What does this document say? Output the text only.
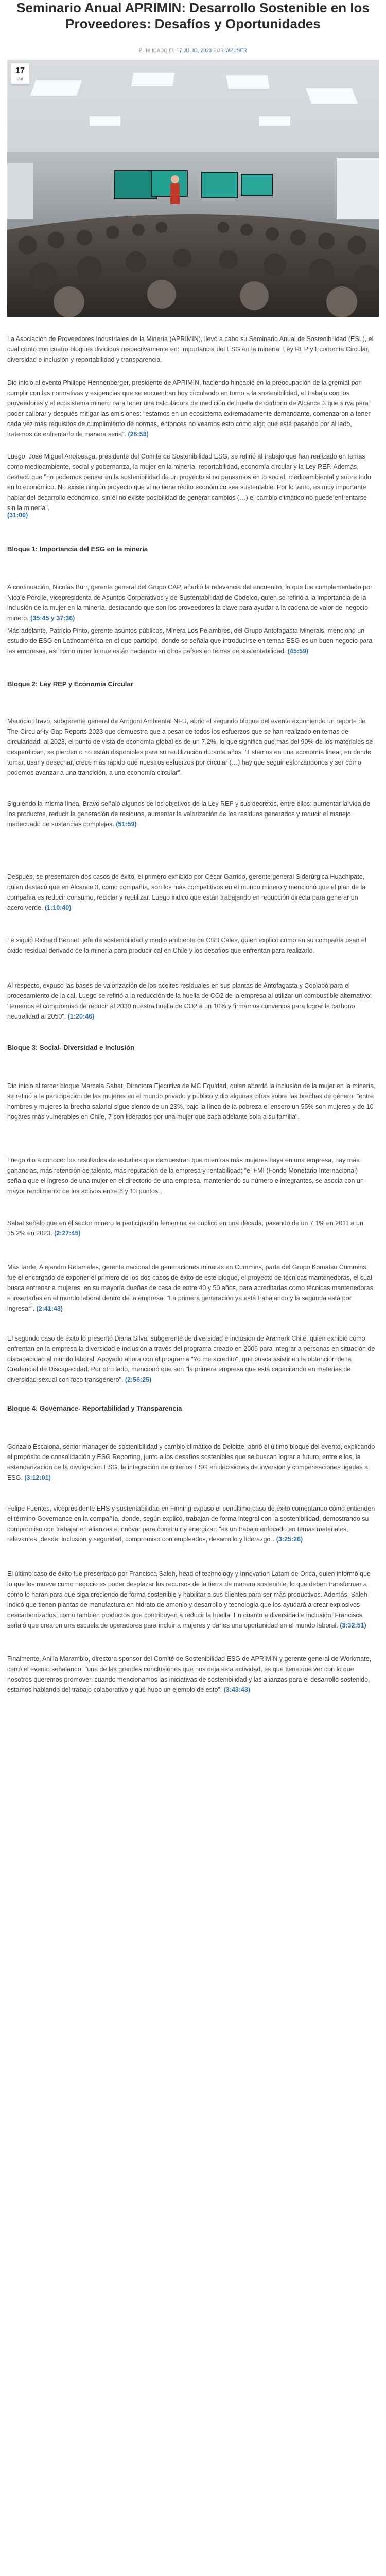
Seminario Anual APRIMIN: Desarrollo Sostenible en los Proveedores: Desafíos y Oportunidades
PUBLICADO EL 17 JULIO, 2023 POR WPUSER
17
Jul

La Asociación de Proveedores Industriales de la Minería (APRIMIN), llevó a cabo su Seminario Anual de Sostenibilidad (ESL), el cual contó con cuatro bloques divididos respectivamente en: Importancia del ESG en la minería, Ley REP y Economía Circular, diversidad e inclusión y reportabilidad y transparencia.

Dio inicio al evento Philippe Hennenberger, presidente de APRIMIN, haciendo hincapié en la preocupación de la gremial por cumplir con las normativas y exigencias que se encuentran hoy circulando en torno a la sostenibilidad, el trabajo con los proveedores y el ecosistema minero para tener una calculadora de medición de huella de carbono de Alcance 3 que sirva para poder calibrar y después mitigar las emisiones: "estamos en un ecosistema extremadamente demandante, comenzaron a tener cada vez más requisitos de cumplimiento de normas, entonces no veamos esto como algo que está pasando por al lado, tratemos de enfrentarlo de manera seria". (26:53)

Luego, José Miguel Anoibeaga, presidente del Comité de Sostenibilidad ESG, se refirió al trabajo que han realizado en temas como medioambiente, social y gobernanza, la mujer en la minería, reportabilidad, economía circular y la Ley REP. Además, destacó que "no podemos pensar en la sostenibilidad de un proyecto si no pensamos en lo social, medioambiental y sobre todo en lo económico. No existe ningún proyecto que vi no tiene rédito económico sea sustentable. Por lo tanto, es muy importante hablar del desarrollo económico, sin él no existe posibilidad de generar cambios (…) el cambio climático no puede enfrentarse sin la minería".

(31:00)

Bloque 1: Importancia del ESG en la minería

A continuación, Nicolás Burr, gerente general del Grupo CAP, añadió la relevancia del encuentro, lo que fue complementado por Nicole Porcile, vicepresidenta de Asuntos Corporativos y de Sustentabilidad de Codelco, quien se refirió a la importancia de la inclusión de la mujer en la minería, destacando que son los proveedores la clave para ayudar a la cadena de valor del negocio minero. (35:45 y 37:36)

Más adelante, Patricio Pinto, gerente asuntos públicos, Minera Los Pelambres, del Grupo Antofagasta Minerals, mencionó un estudio de ESG en Latinoamérica en el que participó, donde se señala que introducirse en temas ESG es un buen negocio para las empresas, así como mirar lo que están haciendo en otros países en temas de sustentabilidad. (45:59)

Bloque 2: Ley REP y Economía Circular

Mauricio Bravo, subgerente general de Arrigoni Ambiental NFU, abrió el segundo bloque del evento exponiendo un reporte de The Circularity Gap Reports 2023 que demuestra que a pesar de todos los esfuerzos que se han realizado en temas de circularidad, al 2023, el punto de vista de economía global es de un 7,2%, lo que significa que más del 90% de los materiales se desperdician, se pierden o no están disponibles para su reutilización durante años. "Estamos en una economía lineal, en donde tomar, usar y desechar, crece más rápido que nuestros esfuerzos por circular (…) hay que seguir esforzándonos y ser cómo podemos avanzar a una transición, a una economía circular".

Siguiendo la misma línea, Bravo señaló algunos de los objetivos de la Ley REP y sus decretos, entre ellos: aumentar la vida de los productos, reducir la generación de residuos, aumentar la valorización de los residuos generados y reducir el manejo inadecuado de sustancias complejas. (51:59)

Después, se presentaron dos casos de éxito, el primero exhibido por César Garrido, gerente general Siderúrgica Huachipato, quien destacó que en Alcance 3, como compañía, son los más competitivos en el mundo minero y mencionó que el plan de la compañía es reducir consumo, reciclar y reutilizar. Luego indicó que están trabajando en reducción directa para generar un acero verde. (1:10:40)

Le siguió Richard Bennet, jefe de sostenibilidad y medio ambiente de CBB Cales, quien explicó cómo en su compañía usan el óxido residual derivado de la minería para producir cal en Chile y los desafíos que enfrentan para realizarlo.

Al respecto, expuso las bases de valorización de los aceites residuales en sus plantas de Antofagasta y Copiapó para el procesamiento de la cal. Luego se refirió a la reducción de la huella de CO2 de la empresa al utilizar un combustible alternativo: "tenemos el compromiso de reducir al 2030 nuestra huella de CO2 a un 10% y firmamos convenios para lograr la carbono neutralidad al 2050". (1:20:46)

Bloque 3: Social- Diversidad e Inclusión

Dio inicio al tercer bloque Marcela Sabat, Directora Ejecutiva de MC Equidad, quien abordó la inclusión de la mujer en la minería, se refirió a la participación de las mujeres en el mundo privado y público y dio algunas cifras sobre las brechas de género: "entre hombres y mujeres la brecha salarial sigue siendo de un 23%, bajo la línea de la pobreza el ensero un 55% son mujeres y de 10 hogares más vulnerables en Chile, 7 son liderados por una mujer que saca adelante sola a su familia".

Luego dio a conocer los resultados de estudios que demuestran que mientras más mujeres haya en una empresa, hay más ganancias, más retención de talento, más reputación de la empresa y rentabilidad: "el FMI (Fondo Monetario Internacional) señala que el ingreso de una mujer en el directorio de una empresa, manteniendo su número e integrantes, se asocia con un mayor rendimiento de los activos entre 8 y 13 puntos".

Sabat señaló que en el sector minero la participación femenina se duplicó en una década, pasando de un 7,1% en 2011 a un 15,2% en 2023. (2:27:45)

Más tarde, Alejandro Retamales, gerente nacional de generaciones mineras en Cummins, parte del Grupo Komatsu Cummins, fue el encargado de exponer el primero de los dos casos de éxito de este bloque, el proyecto de técnicas mantenedoras, el cual busca entrenar a mujeres, en su mayoría dueñas de casa de entre 40 y 50 años, para acreditarlas como técnicas mantenedoras e insertarlas en el mundo laboral dentro de la empresa. "La primera generación ya está trabajando y la segunda está por ingresar". (2:41:43)

El segundo caso de éxito lo presentó Diana Silva, subgerente de diversidad e inclusión de Aramark Chile, quien exhibió cómo enfrentan en la empresa la diversidad e inclusión a través del programa creado en 2006 para integrar a personas en situación de discapacidad al mundo laboral. Apoyado ahora con el programa "Yo me acredito", que busca asistir en la obtención de la Credencial de Discapacidad. Por otro lado, mencionó que son "la primera empresa que está capacitando en materias de diversidad sexual con foco transgénero". (2:56:25)

Bloque 4: Governance- Reportabilidad y Transparencia

Gonzalo Escalona, senior manager de sostenibilidad y cambio climático de Deloitte, abrió el último bloque del evento, explicando el propósito de consolidación y ESG Reporting, junto a los desafíos sostenibles que se buscan lograr a futuro, entre ellos, la estandarización de la divulgación ESG, la integración de criterios ESG en decisiones de inversión y compensaciones ligadas al ESG. (3:12:01)

Felipe Fuentes, vicepresidente EHS y sustentabilidad en Finning expuso el penúltimo caso de éxito comentando cómo entienden el término Governance en la compañía, donde, según explicó, trabajan de forma integral con la sostenibilidad, demostrando su compromiso con trabajar en alianzas e innovar para construir y energizar: "es un trabajo enfocado en temas materiales, relevantes, desde: inclusión y seguridad, compromiso con empleados, desarrollo y liderazgo". (3:25:26)

El último caso de éxito fue presentado por Francisca Saleh, head of technology y Innovation Latam de Orica, quien informó que lo que los mueve como negocio es poder desplazar los recursos de la tierra de manera sostenible, lo que deben transformar a cómo lo harán para que siga creciendo de forma sostenible y habilitar a sus clientes para ser más productivos. Además, Saleh indicó que tienen plantas de manufactura en hidrato de amonio y desarrollo y tecnología que los ayudará a crear explosivos descarbonizados, como también productos que contribuyen a reducir la huella. En cuanto a diversidad e inclusión, Francisca señaló que crearon una escuela de operadores para incluir a mujeres y darles una oportunidad en el mundo laboral. (3:32:51)

Finalmente, Anilla Marambio, directora sponsor del Comité de Sostenibilidad ESG de APRIMIN y gerente general de Workmate, cerró el evento señalando: "una de las grandes conclusiones que nos deja esta actividad, es que tiene que ver con lo que nosotros queremos promover, cuando mencionamos las iniciativas de sostenibilidad y las alianzas para el desarrollo sostenido, estamos hablando del trabajo colaborativo y qué hubo un ejemplo de esto". (3:43:43)
